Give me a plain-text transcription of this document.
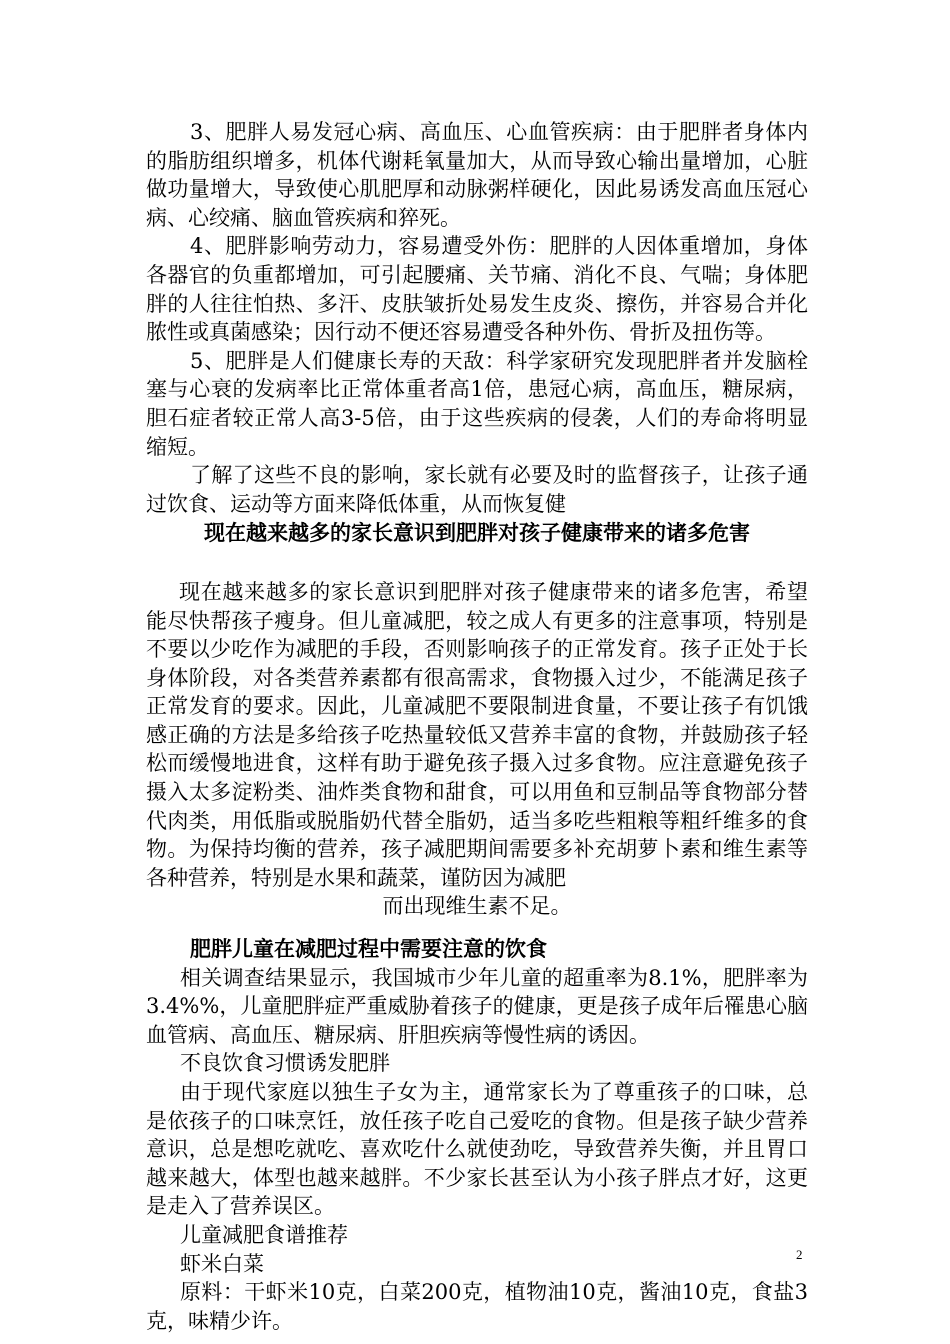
3、肥胖人易发冠心病、高血压、心血管疾病：由于肥胖者身体内的脂肪组织增多，机体代谢耗氧量加大，从而导致心输出量增加，心脏做功量增大，导致使心肌肥厚和动脉粥样硬化，因此易诱发高血压冠心病、心绞痛、脑血管疾病和猝死。

4、肥胖影响劳动力，容易遭受外伤：肥胖的人因体重增加，身体各器官的负重都增加，可引起腰痛、关节痛、消化不良、气喘；身体肥胖的人往往怕热、多汗、皮肤皱折处易发生皮炎、擦伤，并容易合并化脓性或真菌感染；因行动不便还容易遭受各种外伤、骨折及扭伤等。

5、肥胖是人们健康长寿的天敌：科学家研究发现肥胖者并发脑栓塞与心衰的发病率比正常体重者高1倍，患冠心病，高血压，糖尿病，胆石症者较正常人高3-5倍，由于这些疾病的侵袭，人们的寿命将明显缩短。

了解了这些不良的影响，家长就有必要及时的监督孩子，让孩子通过饮食、运动等方面来降低体重，从而恢复健

现在越来越多的家长意识到肥胖对孩子健康带来的诸多危害

现在越来越多的家长意识到肥胖对孩子健康带来的诸多危害，希望能尽快帮孩子瘦身。但儿童减肥，较之成人有更多的注意事项，特别是不要以少吃作为减肥的手段，否则影响孩子的正常发育。孩子正处于长身体阶段，对各类营养素都有很高需求，食物摄入过少，不能满足孩子正常发育的要求。因此，儿童减肥不要限制进食量，不要让孩子有饥饿感正确的方法是多给孩子吃热量较低又营养丰富的食物，并鼓励孩子轻松而缓慢地进食，这样有助于避免孩子摄入过多食物。应注意避免孩子摄入太多淀粉类、油炸类食物和甜食，可以用鱼和豆制品等食物部分替代肉类，用低脂或脱脂奶代替全脂奶，适当多吃些粗粮等粗纤维多的食物。为保持均衡的营养，孩子减肥期间需要多补充胡萝卜素和维生素等各种营养，特别是水果和蔬菜，谨防因为减肥

而出现维生素不足。

肥胖儿童在减肥过程中需要注意的饮食

相关调查结果显示，我国城市少年儿童的超重率为8.1%，肥胖率为3.4%%，儿童肥胖症严重威胁着孩子的健康，更是孩子成年后罹患心脑血管病、高血压、糖尿病、肝胆疾病等慢性病的诱因。

不良饮食习惯诱发肥胖

由于现代家庭以独生子女为主，通常家长为了尊重孩子的口味，总是依孩子的口味烹饪，放任孩子吃自己爱吃的食物。但是孩子缺少营养意识，总是想吃就吃、喜欢吃什么就使劲吃，导致营养失衡，并且胃口越来越大，体型也越来越胖。不少家长甚至认为小孩子胖点才好，这更是走入了营养误区。

儿童减肥食谱推荐

虾米白菜

原料：干虾米10克，白菜200克，植物油10克，酱油10克，食盐3克，味精少许。

2
